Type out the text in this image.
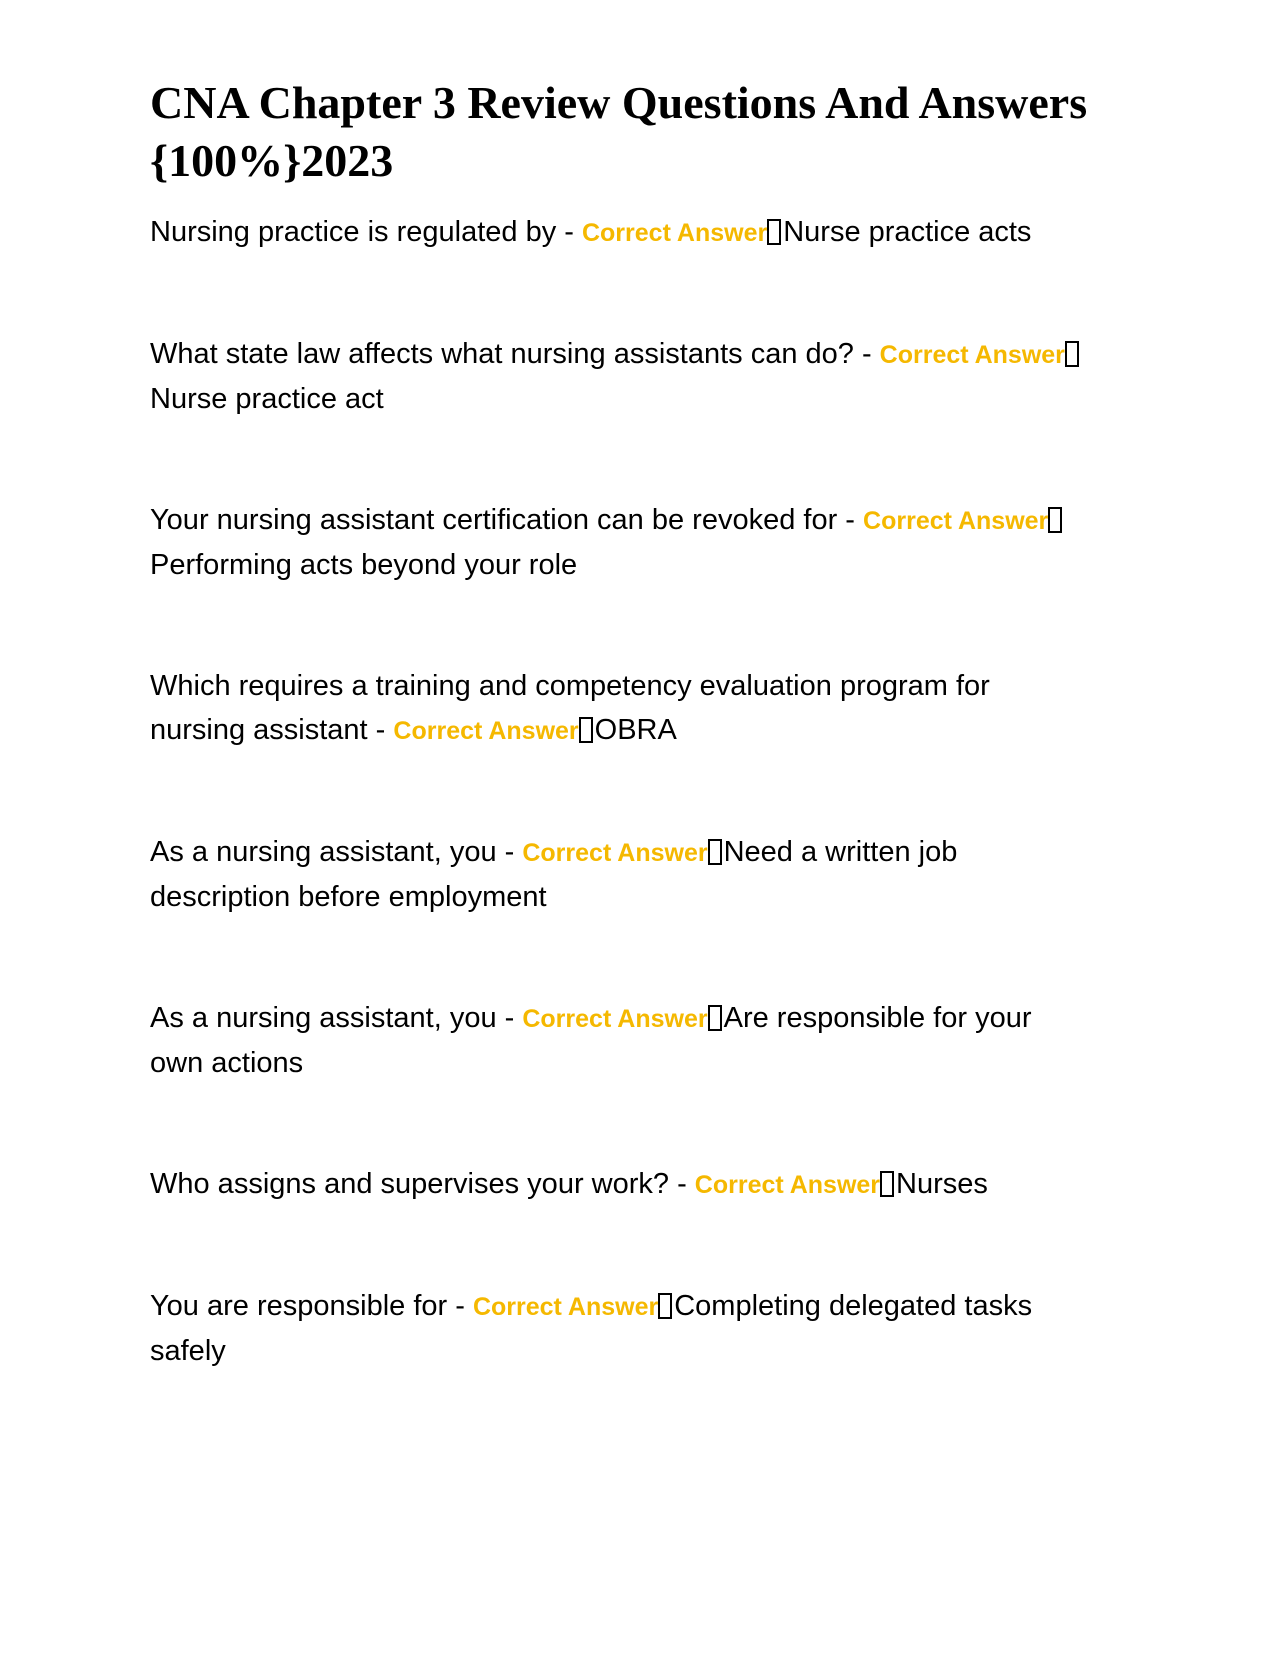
CNA Chapter 3 Review Questions And Answers {100%}2023

Nursing practice is regulated by - Correct Answer Nurse practice acts

What state law affects what nursing assistants can do? - Correct AnswerNurse practice act

Your nursing assistant certification can be revoked for - Correct AnswerPerforming acts beyond your role

Which requires a training and competency evaluation program for nursing assistant - Correct Answer OBRA

As a nursing assistant, you - Correct Answer Need a written job description before employment

As a nursing assistant, you - Correct Answer Are responsible for your own actions

Who assigns and supervises your work? - Correct Answer Nurses

You are responsible for - Correct Answer Completing delegated tasks safely
